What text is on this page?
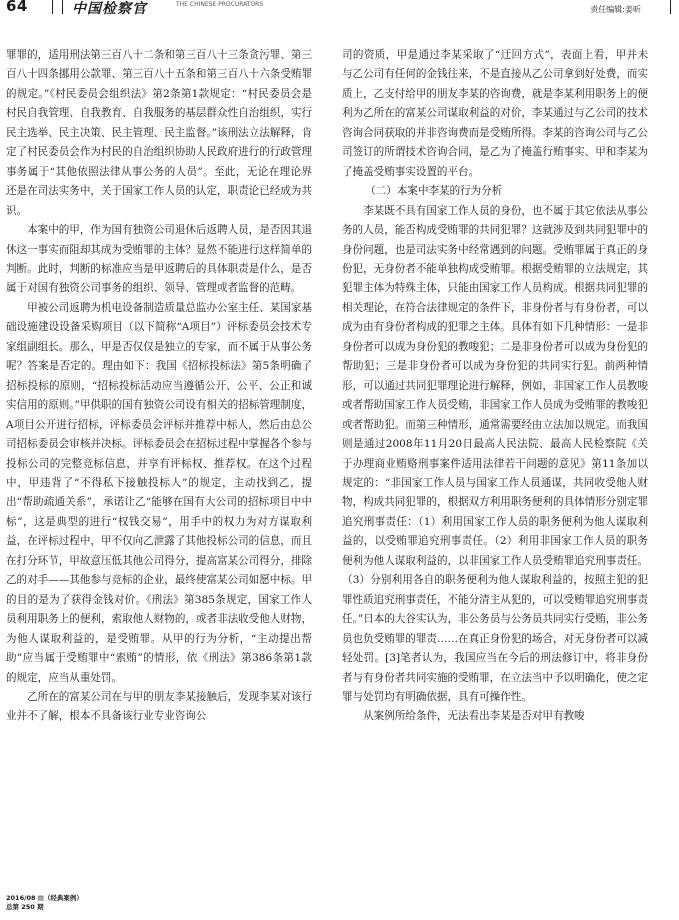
64	中国检察官	THE CHINESE PROCURATORS
责任编辑:姜昕

罪罪的，适用刑法第三百八十二条和第三百八十三条贪污罪、第三百八十四条挪用公款罪、第三百八十五条和第三百八十六条受贿罪的规定。”《村民委员会组织法》第2条第1款规定：“村民委员会是村民自我管理、自我教育、自我服务的基层群众性自治组织，实行民主选举、民主决策、民主管理、民主监督。”该刑法立法解释，肯定了村民委员会作为村民的自治组织协助人民政府进行的行政管理事务属于“其他依照法律从事公务的人员”。至此，无论在理论界还是在司法实务中，关于国家工作人员的认定，职责论已经成为共识。

本案中的甲，作为国有独资公司退休后返聘人员，是否因其退休这一事实而阻却其成为受贿罪的主体？显然不能进行这样简单的判断。此时，判断的标准应当是甲返聘后的具体职责是什么，是否属于对国有独资公司事务的组织、领导、管理或者监督的范畴。

甲被公司返聘为机电设备制造质量总监办公室主任、某国家基础设施建设设备采购项目（以下简称“A项目”）评标委员会技术专家组副组长。那么，甲是否仅仅是独立的专家，而不属于从事公务呢？答案是否定的。理由如下：我国《招标投标法》第5条明确了招标投标的原则，“招标投标活动应当遵循公开、公平、公正和诚实信用的原则。”甲供职的国有独资公司设有相关的招标管理制度，A项目公开进行招标，评标委员会评标并推荐中标人，然后由总公司招标委员会审核并决标。评标委员会在招标过程中掌握各个参与投标公司的完整竞标信息，并享有评标权、推荐权。在这个过程中，甲违背了“不得私下接触投标人”的规定，主动找到乙，提出“帮助疏通关系”，承诺让乙“能够在国有大公司的招标项目中中标”，这是典型的进行“权钱交易”，用手中的权力为对方谋取利益，在评标过程中，甲不仅向乙泄露了其他投标公司的信息，而且在打分环节，甲故意压低其他公司得分，提高富某公司得分，排除乙的对手——其他参与竞标的企业，最终使富某公司如愿中标。甲的目的是为了获得金钱对价。《刑法》第385条规定，国家工作人员利用职务上的便利，索取他人财物的，或者非法收受他人财物，为他人谋取利益的，是受贿罪。从甲的行为分析，“主动提出帮助”应当属于受贿罪中“索贿”的情形，依《刑法》第386条第1款的规定，应当从重处罚。

乙所在的富某公司在与甲的朋友李某接触后，发现李某对该行业并不了解，根本不具备该行业专业咨询公

司的资质，甲是通过李某采取了“迂回方式”，表面上看，甲并未与乙公司有任何的金钱往来，不是直接从乙公司拿到好处费，而实质上，乙支付给甲的朋友李某的咨询费，就是李某利用职务上的便利为乙所在的富某公司谋取利益的对价，李某通过与乙公司的技术咨询合同获取的并非咨询费而是受贿所得。李某的咨询公司与乙公司签订的所谓技术咨询合同，是乙为了掩盖行贿事实、甲和李某为了掩盖受贿事实设置的平台。

（二）本案中李某的行为分析

李某既不具有国家工作人员的身份，也不属于其它依法从事公务的人员，能否构成受贿罪的共同犯罪？这就涉及到共同犯罪中的身份问题，也是司法实务中经常遇到的问题。受贿罪属于真正的身份犯，无身份者不能单独构成受贿罪。根据受贿罪的立法规定，其犯罪主体为特殊主体，只能由国家工作人员构成。根据共同犯罪的相关理论，在符合法律规定的条件下，非身份者与有身份者，可以成为由有身份者构成的犯罪之主体。具体有如下几种情形：一是非身份者可以成为身份犯的教唆犯；二是非身份者可以成为身份犯的帮助犯；三是非身份者可以成为身份犯的共同实行犯。前两种情形，可以通过共同犯罪理论进行解释，例如，非国家工作人员教唆或者帮助国家工作人员受贿，非国家工作人员成为受贿罪的教唆犯或者帮助犯。而第三种情形，通常需要经由立法加以规定。而我国则是通过2008年11月20日最高人民法院、最高人民检察院《关于办理商业贿赂刑事案件适用法律若干问题的意见》第11条加以规定的：“非国家工作人员与国家工作人员通谋，共同收受他人财物，构成共同犯罪的，根据双方利用职务便利的具体情形分别定罪追究刑事责任：（1）利用国家工作人员的职务便利为他人谋取利益的，以受贿罪追究刑事责任。（2）利用非国家工作人员的职务便利为他人谋取利益的，以非国家工作人员受贿罪追究刑事责任。（3）分别利用各自的职务便利为他人谋取利益的，按照主犯的犯罪性质追究刑事责任，不能分清主从犯的，可以受贿罪追究刑事责任。”日本的大谷实认为，非公务员与公务员共同实行受贿，非公务员也负受贿罪的罪责……在真正身份犯的场合，对无身份者可以减轻处罚。[3]笔者认为，我国应当在今后的刑法修订中，将非身份者与有身份者共同实施的受贿罪，在立法当中予以明确化，使之定罪与处罚均有明确依据，具有可操作性。

从案例所给条件，无法看出李某是否对甲有教唆

2016/08 ▤（经典案例）
总第 250 期
